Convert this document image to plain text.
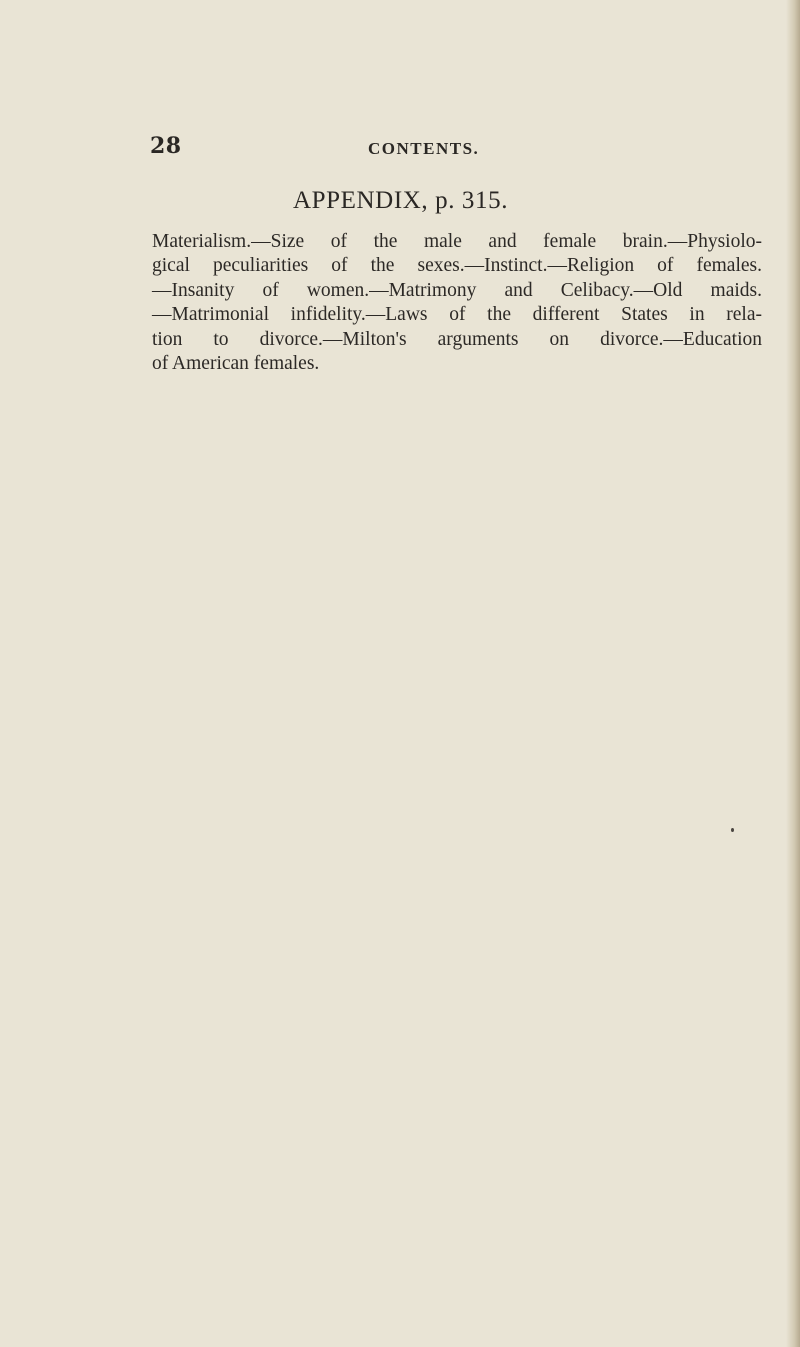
28	CONTENTS.
APPENDIX, p. 315.
Materialism.—Size of the male and female brain.—Physiolo-
gical peculiarities of the sexes.—Instinct.—Religion of females.
—Insanity of women.—Matrimony and Celibacy.—Old maids.
—Matrimonial infidelity.—Laws of the different States in rela-
tion to divorce.—Milton's arguments on divorce.—Education
of American females.
